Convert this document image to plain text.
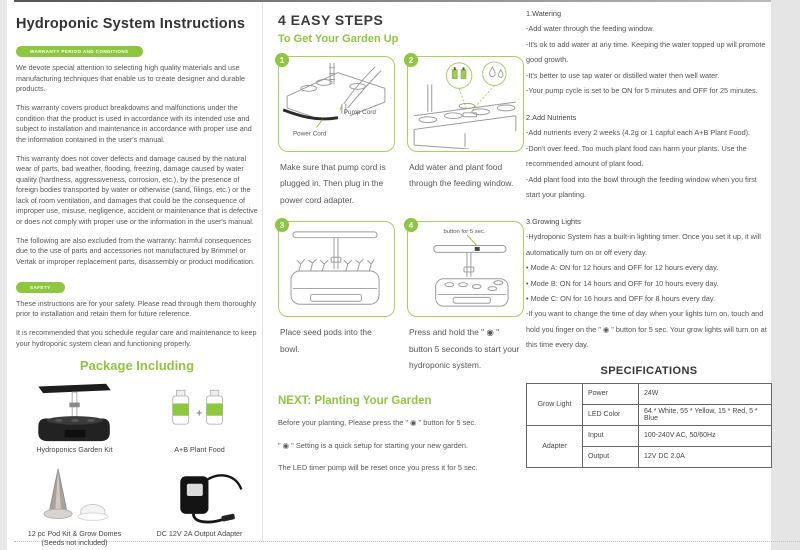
Hydroponic System Instructions
WARRANTY PERIOD AND CONDITIONS

We devote special attention to selecting high quality materials and use manufacturing techniques that enable us to create designer and durable products.

This warranty covers product breakdowns and malfunctions under the condition that the product is used in accordance with its intended use and subject to installation and maintenance in accordance with proper use and the information contained in the user's manual.

This warranty does not cover defects and damage caused by the natural wear of parts, bad weather, flooding, freezing, damage caused by water quality (hardness, aggressiveness, corrosion, etc.), by the presence of foreign bodies transported by water or otherwise (sand, filings, etc.) or the lack of room ventilation, and damages that could be the consequence of improper use, misuse, negligence, accident or maintenance that is defective or does not comply with proper use or the information in the user's manual.

The following are also excluded from the warranty: harmful consequences due to the use of parts and accessories not manufactured by Brimmel or Vertak or improper replacement parts, disassembly or product modification.

SAFETY

These instructions are for your safety. Please read through them thoroughly prior to installation and retain them for future reference.

It is recommended that you schedule regular care and maintenance to keep your hydroponic system clean and functioning properly.

Package Including
Hydroponics Garden Kit
+
A+B Plant Food
12 pc Pod Kit & Grow Domes
(Seeds not included)
DC 12V 2A Output Adapter
4 EASY STEPS
To Get Your Garden Up
1
Pump Cord
Power Cord
2

Make sure that pump cord is plugged in. Then plug in the power cord adapter.

Add water and plant food through the feeding window.

3	4
button for 5 sec.

Place seed pods into the bowl.

Press and hold the " ◉ " button 5 seconds to start your hydroponic system.

NEXT: Planting Your Garden

Before your planting, Please press the " ◉ " button for 5 sec.

" ◉ " Setting is a quick setup for starting your new garden.

The LED timer pump will be reset once you press it for 5 sec.

1.Watering

-Add water through the feeding window.

-It's ok to add water at any time. Keeping the water topped up will promote good growth.

-It's better to use tap water or distilled water then well water.

-Your pump cycle is set to be ON for 5 minutes and OFF for 25 minutes.

2.Add Nutrients

-Add nutrients every 2 weeks (4.2g or 1 capful each A+B Plant Food).

-Don't over feed. Too much plant food can harm your plants. Use the recommended amount of plant food.

-Add plant food into the bowl through the feeding window when you first start your planting.

3.Growing Lights

-Hydroponic System has a built-in lighting timer. Once you set it up, it will automatically turn on or off every day.

• Mode A: ON for 12 hours and OFF for 12 hours every day.

• Mode B: ON for 14 hours and OFF for 10 hours every day.

• Mode C: ON for 16 hours and OFF for 8 hours every day.

-If you want to change the time of day when your lights turn on, touch and hold you finger on the " ◉ " button for 5 sec. Your grow lights will turn on at this time every day.

SPECIFICATIONS
Grow Light	Power	24W
	LED Color	64 * White, 55 * Yellow, 15 * Red, 5 * Blue
Adapter	Input	100-240V AC, 50/60Hz
	Output	12V DC 2.0A
